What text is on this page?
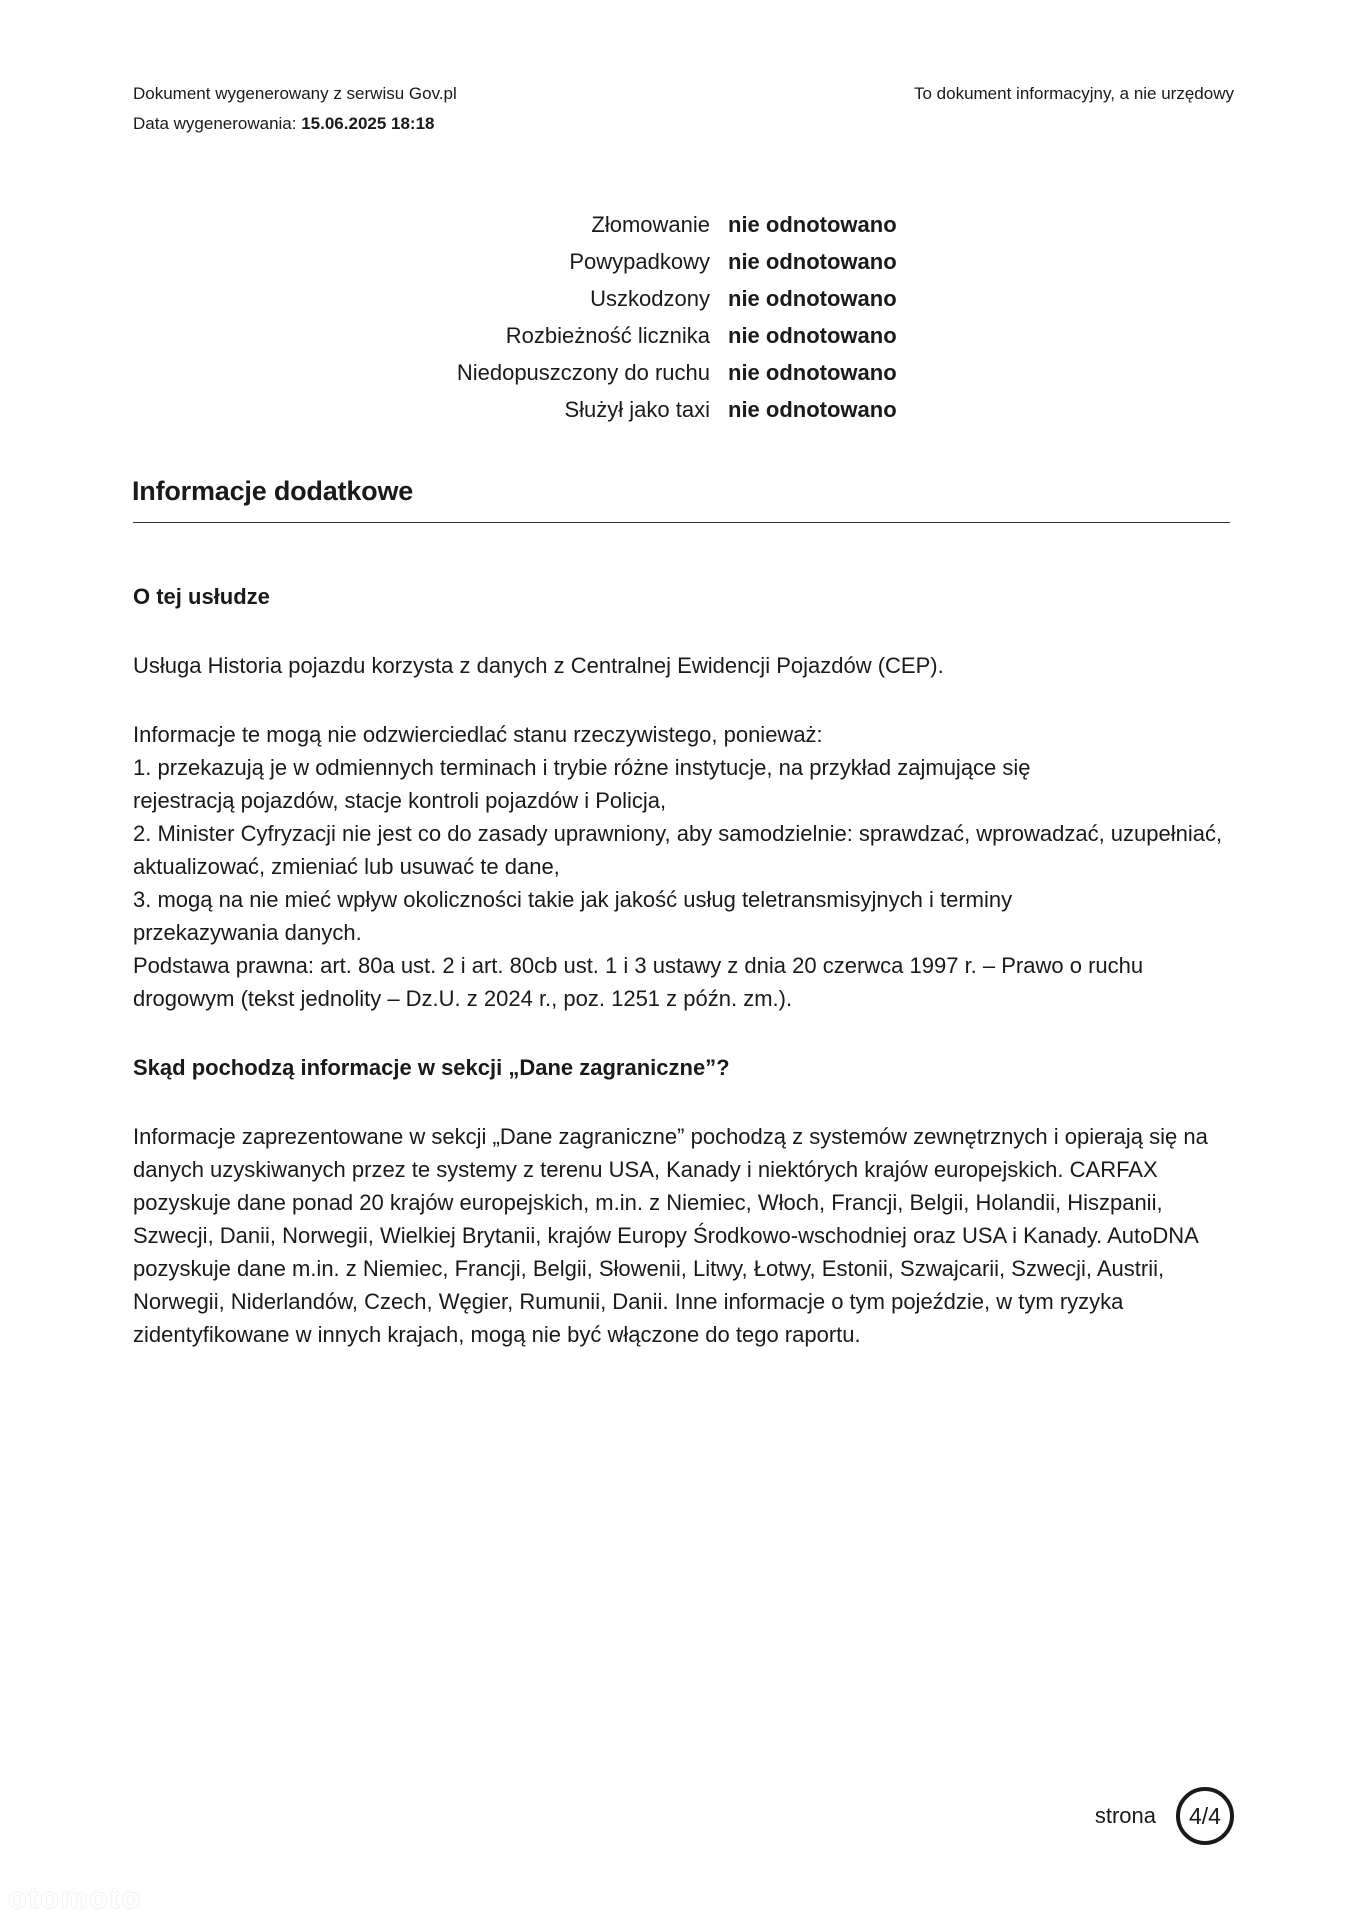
Dokument wygenerowany z serwisu Gov.pl
Data wygenerowania: 15.06.2025 18:18
To dokument informacyjny, a nie urzędowy
Złomowanie nie odnotowano
Powypadkowy nie odnotowano
Uszkodzony nie odnotowano
Rozbieżność licznika nie odnotowano
Niedopuszczony do ruchu nie odnotowano
Służył jako taxi nie odnotowano
Informacje dodatkowe
O tej usłudze

Usługa Historia pojazdu korzysta z danych z Centralnej Ewidencji Pojazdów (CEP).

Informacje te mogą nie odzwierciedlać stanu rzeczywistego, ponieważ:

1. przekazują je w odmiennych terminach i trybie różne instytucje, na przykład zajmujące się

rejestracją pojazdów, stacje kontroli pojazdów i Policja,

2. Minister Cyfryzacji nie jest co do zasady uprawniony, aby samodzielnie: sprawdzać, wprowadzać, uzupełniać,

aktualizować, zmieniać lub usuwać te dane,

3. mogą na nie mieć wpływ okoliczności takie jak jakość usług teletransmisyjnych i terminy

przekazywania danych.

Podstawa prawna: art. 80a ust. 2 i art. 80cb ust. 1 i 3 ustawy z dnia 20 czerwca 1997 r. – Prawo o ruchu

drogowym (tekst jednolity – Dz.U. z 2024 r., poz. 1251 z późn. zm.).

Skąd pochodzą informacje w sekcji „Dane zagraniczne”?

Informacje zaprezentowane w sekcji „Dane zagraniczne” pochodzą z systemów zewnętrznych i opierają się na

danych uzyskiwanych przez te systemy z terenu USA, Kanady i niektórych krajów europejskich. CARFAX

pozyskuje dane ponad 20 krajów europejskich, m.in. z Niemiec, Włoch, Francji, Belgii, Holandii, Hiszpanii,

Szwecji, Danii, Norwegii, Wielkiej Brytanii, krajów Europy Środkowo-wschodniej oraz USA i Kanady. AutoDNA

pozyskuje dane m.in. z Niemiec, Francji, Belgii, Słowenii, Litwy, Łotwy, Estonii, Szwajcarii, Szwecji, Austrii,

Norwegii, Niderlandów, Czech, Węgier, Rumunii, Danii. Inne informacje o tym pojeździe, w tym ryzyka

zidentyfikowane w innych krajach, mogą nie być włączone do tego raportu.

strona	4/4
otomoto
